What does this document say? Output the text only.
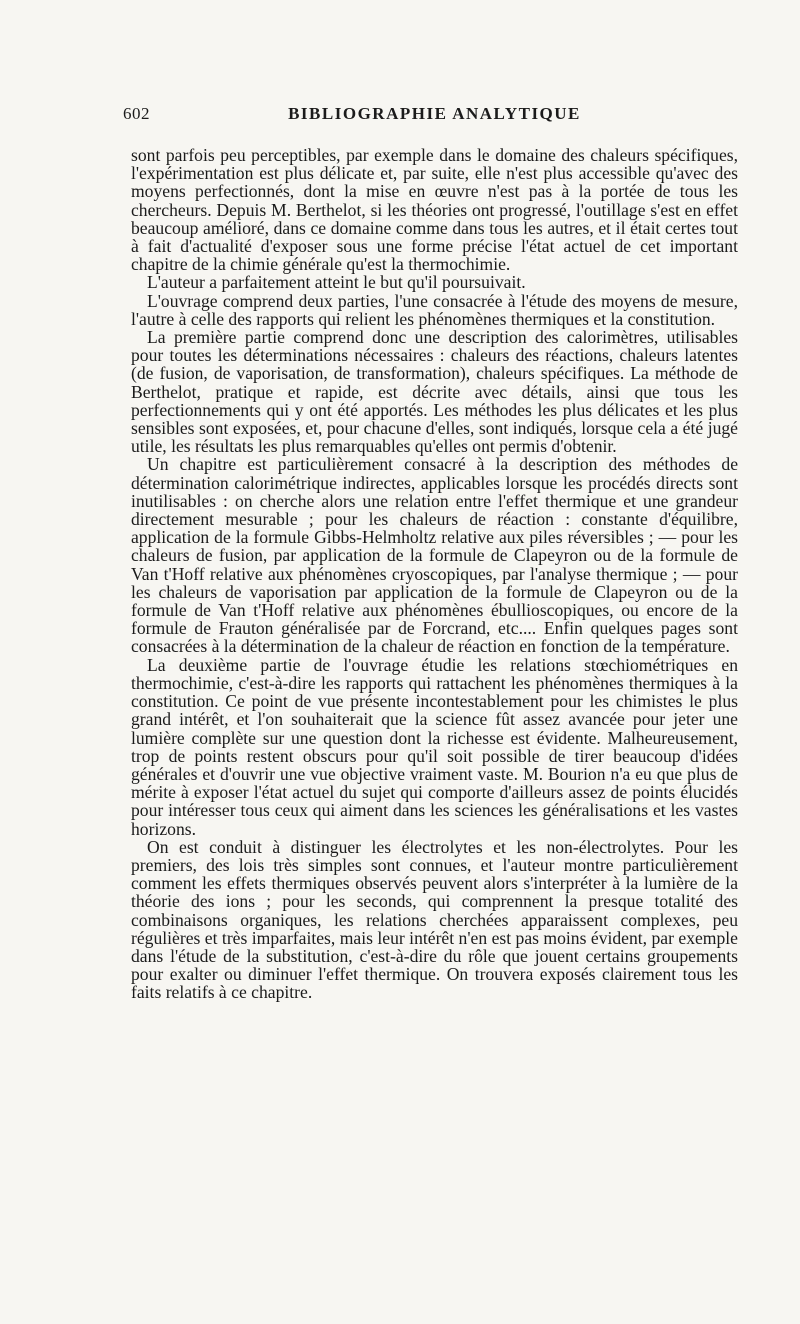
602	BIBLIOGRAPHIE ANALYTIQUE

sont parfois peu perceptibles, par exemple dans le domaine des chaleurs spécifiques, l'expérimentation est plus délicate et, par suite, elle n'est plus accessible qu'avec des moyens perfectionnés, dont la mise en œuvre n'est pas à la portée de tous les chercheurs. Depuis M. Berthelot, si les théories ont progressé, l'outillage s'est en effet beaucoup amélioré, dans ce domaine comme dans tous les autres, et il était certes tout à fait d'actualité d'exposer sous une forme précise l'état actuel de cet important chapitre de la chimie générale qu'est la thermochimie.

L'auteur a parfaitement atteint le but qu'il poursuivait.

L'ouvrage comprend deux parties, l'une consacrée à l'étude des moyens de mesure, l'autre à celle des rapports qui relient les phénomènes thermiques et la constitution.

La première partie comprend donc une description des calorimètres, utilisables pour toutes les déterminations nécessaires : chaleurs des réactions, chaleurs latentes (de fusion, de vaporisation, de transformation), chaleurs spécifiques. La méthode de Berthelot, pratique et rapide, est décrite avec détails, ainsi que tous les perfectionnements qui y ont été apportés. Les méthodes les plus délicates et les plus sensibles sont exposées, et, pour chacune d'elles, sont indiqués, lorsque cela a été jugé utile, les résultats les plus remarquables qu'elles ont permis d'obtenir.

Un chapitre est particulièrement consacré à la description des méthodes de détermination calorimétrique indirectes, applicables lorsque les procédés directs sont inutilisables : on cherche alors une relation entre l'effet thermique et une grandeur directement mesurable ; pour les chaleurs de réaction : constante d'équilibre, application de la formule Gibbs-Helmholtz relative aux piles réversibles ; — pour les chaleurs de fusion, par application de la formule de Clapeyron ou de la formule de Van t'Hoff relative aux phénomènes cryoscopiques, par l'analyse thermique ; — pour les chaleurs de vaporisation par application de la formule de Clapeyron ou de la formule de Van t'Hoff relative aux phénomènes ébullioscopiques, ou encore de la formule de Frauton généralisée par de Forcrand, etc.... Enfin quelques pages sont consacrées à la détermination de la chaleur de réaction en fonction de la température.

La deuxième partie de l'ouvrage étudie les relations stœchiométriques en thermochimie, c'est-à-dire les rapports qui rattachent les phénomènes thermiques à la constitution. Ce point de vue présente incontestablement pour les chimistes le plus grand intérêt, et l'on souhaiterait que la science fût assez avancée pour jeter une lumière complète sur une question dont la richesse est évidente. Malheureusement, trop de points restent obscurs pour qu'il soit possible de tirer beaucoup d'idées générales et d'ouvrir une vue objective vraiment vaste. M. Bourion n'a eu que plus de mérite à exposer l'état actuel du sujet qui comporte d'ailleurs assez de points élucidés pour intéresser tous ceux qui aiment dans les sciences les généralisations et les vastes horizons.

On est conduit à distinguer les électrolytes et les non-électrolytes. Pour les premiers, des lois très simples sont connues, et l'auteur montre particulièrement comment les effets thermiques observés peuvent alors s'interpréter à la lumière de la théorie des ions ; pour les seconds, qui comprennent la presque totalité des combinaisons organiques, les relations cherchées apparaissent complexes, peu régulières et très imparfaites, mais leur intérêt n'en est pas moins évident, par exemple dans l'étude de la substitution, c'est-à-dire du rôle que jouent certains groupements pour exalter ou diminuer l'effet thermique. On trouvera exposés clairement tous les faits relatifs à ce chapitre.
